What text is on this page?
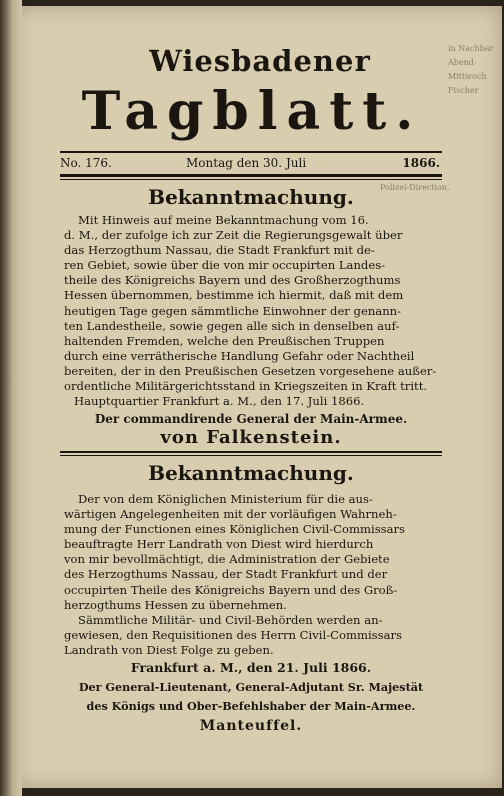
in Nachbar
Abend-
Mittwoch
Fischer
Wiesbadener
Tagblatt.
No. 176.	Montag den 30. Juli	1866.
Polizei-Direction.
Bekanntmachung.
Mit Hinweis auf meine Bekanntmachung vom 16.
d. M., der zufolge ich zur Zeit die Regierungsgewalt über
das Herzogthum Nassau, die Stadt Frankfurt mit de-
ren Gebiet, sowie über die von mir occupirten Landes-
theile des Königreichs Bayern und des Großherzogthums
Hessen übernommen, bestimme ich hiermit, daß mit dem
heutigen Tage gegen sämmtliche Einwohner der genann-
ten Landestheile, sowie gegen alle sich in denselben auf-
haltenden Fremden, welche den Preußischen Truppen
durch eine verrätherische Handlung Gefahr oder Nachtheil
bereiten, der in den Preußischen Gesetzen vorgesehene außer-
ordentliche Militärgerichtsstand in Kriegszeiten in Kraft tritt.
Hauptquartier Frankfurt a. M., den 17. Juli 1866.
Der commandirende General der Main-Armee.
von Falkenstein.
Bekanntmachung.
Der von dem Königlichen Ministerium für die aus-
wärtigen Angelegenheiten mit der vorläufigen Wahrneh-
mung der Functionen eines Königlichen Civil-Commissars
beauftragte Herr Landrath von Diest wird hierdurch
von mir bevollmächtigt, die Administration der Gebiete
des Herzogthums Nassau, der Stadt Frankfurt und der
occupirten Theile des Königreichs Bayern und des Groß-
herzogthums Hessen zu übernehmen.
Sämmtliche Militär- und Civil-Behörden werden an-
gewiesen, den Requisitionen des Herrn Civil-Commissars
Landrath von Diest Folge zu geben.
Frankfurt a. M., den 21. Juli 1866.
Der General-Lieutenant, General-Adjutant Sr. Majestät
des Königs und Ober-Befehlshaber der Main-Armee.
Manteuffel.
